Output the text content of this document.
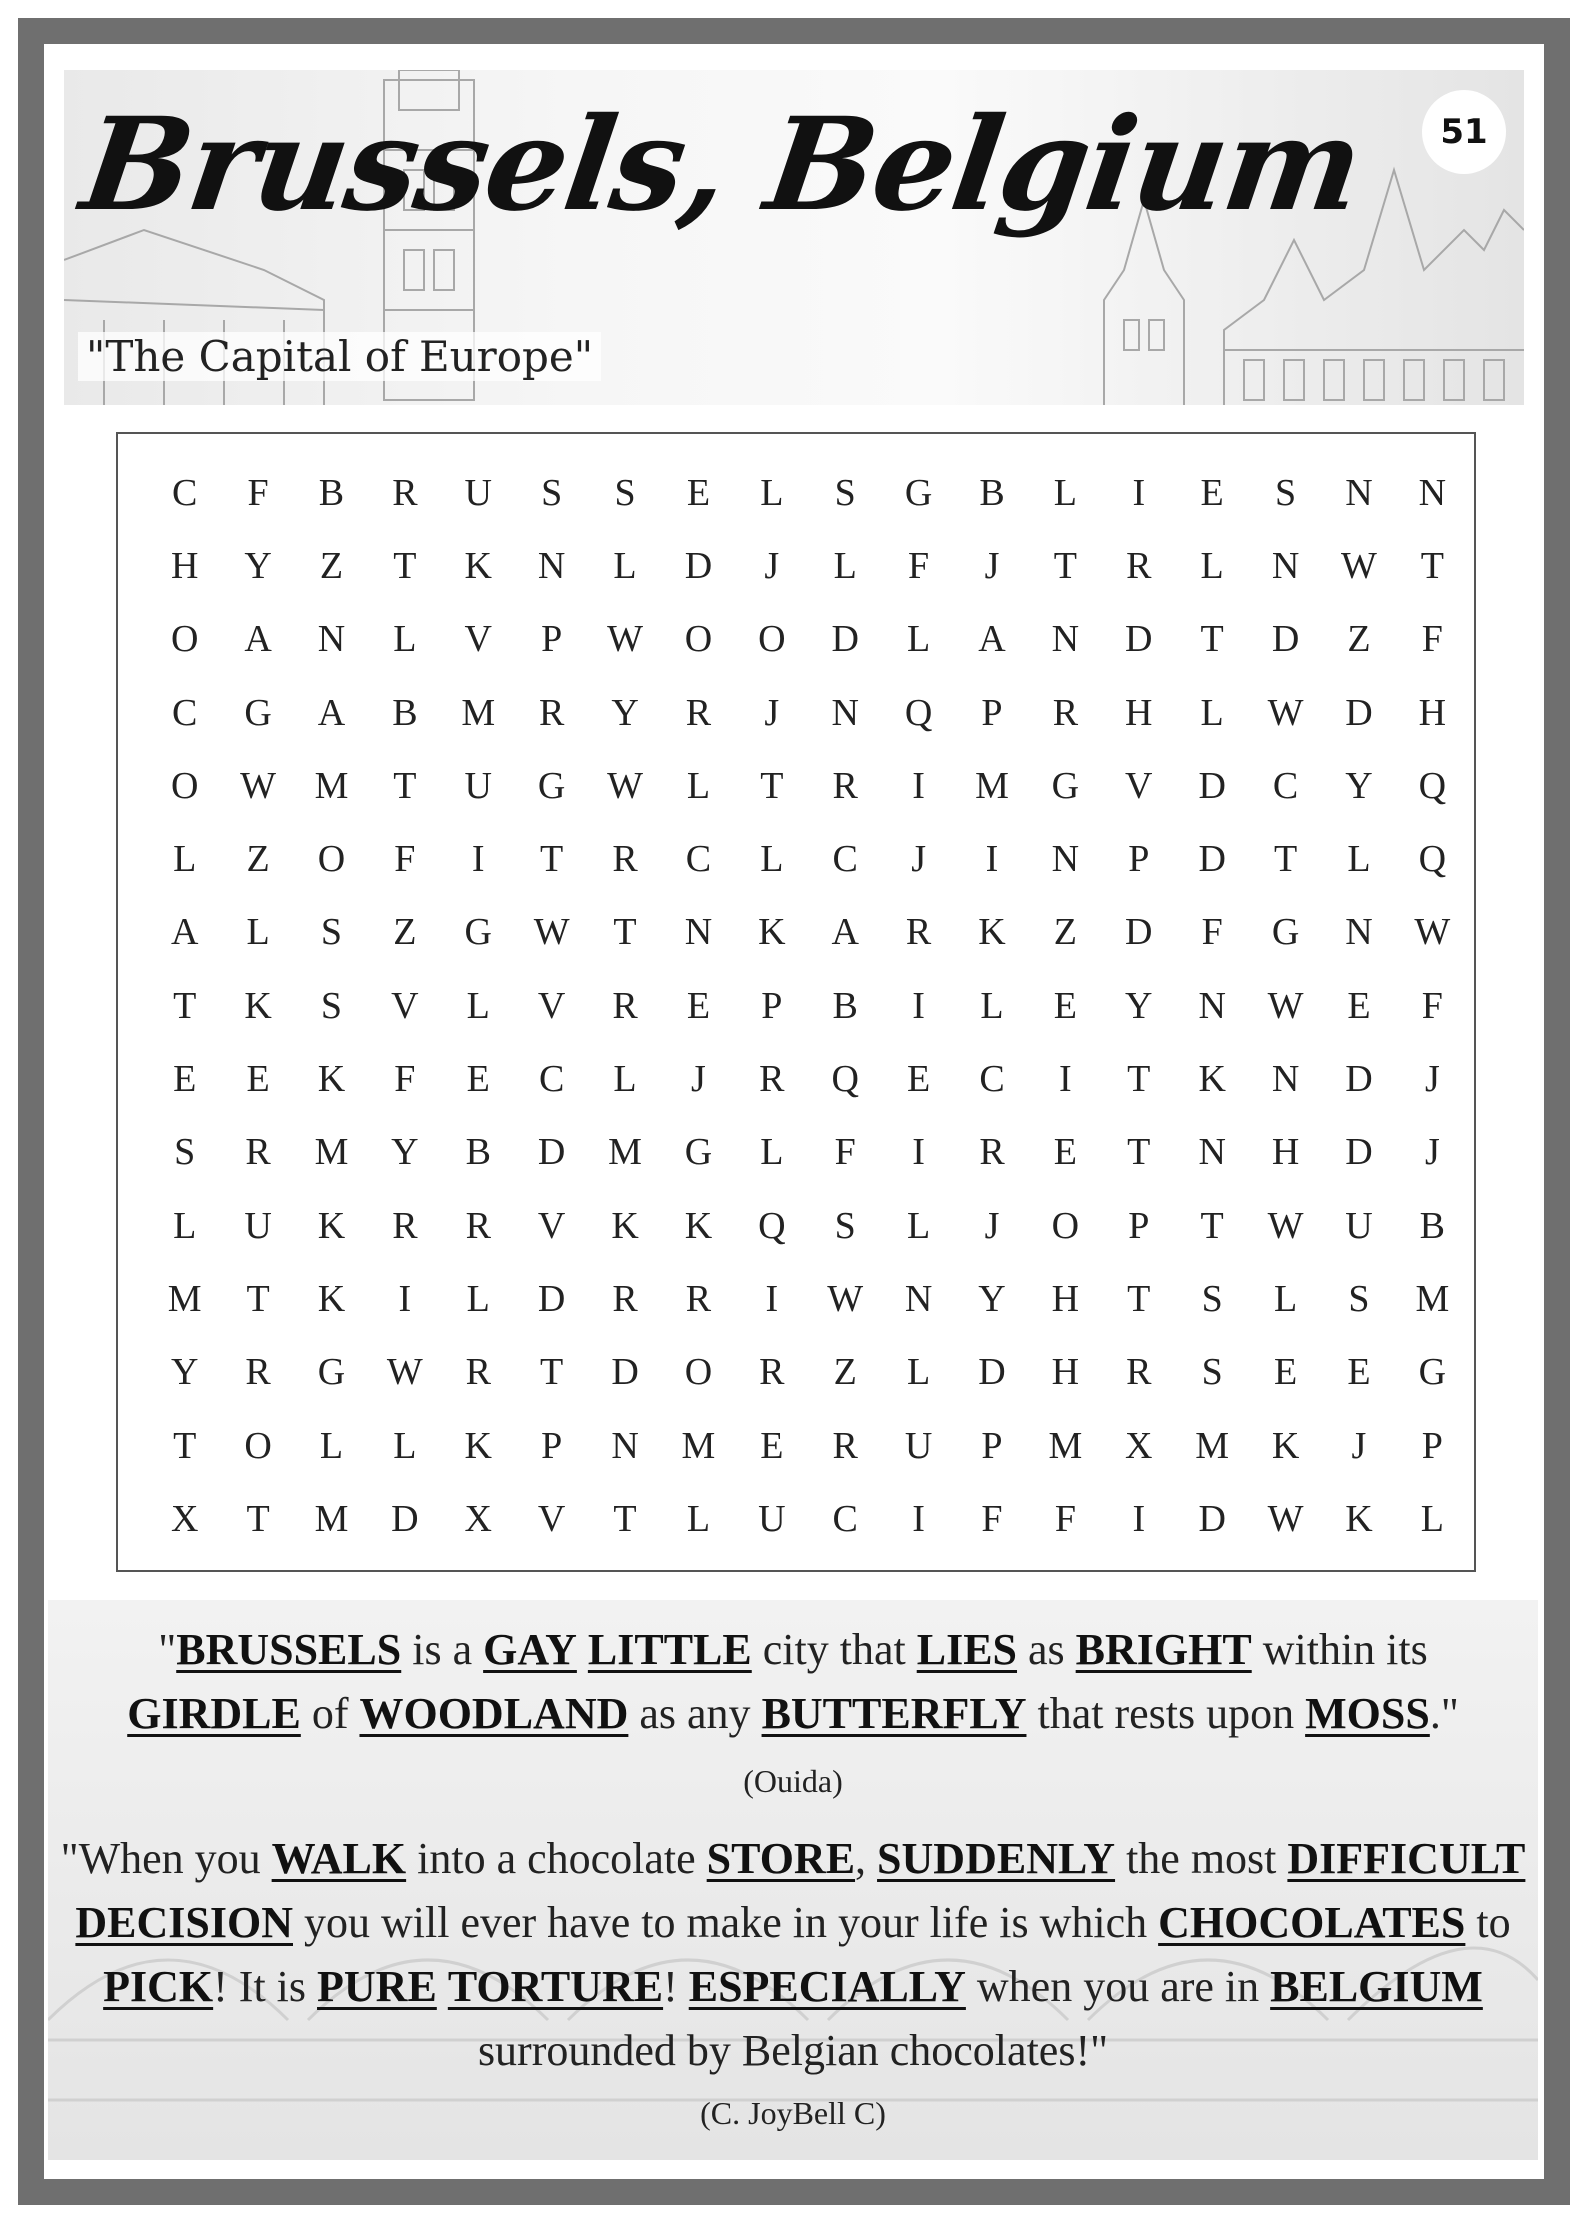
Brussels, Belgium
"The Capital of Europe"
51
C	F	B	R	U	S	S	E	L	S	G	B	L	I	E	S	N	N
H	Y	Z	T	K	N	L	D	J	L	F	J	T	R	L	N	W	T
O	A	N	L	V	P	W	O	O	D	L	A	N	D	T	D	Z	F
C	G	A	B	M	R	Y	R	J	N	Q	P	R	H	L	W	D	H
O	W	M	T	U	G	W	L	T	R	I	M	G	V	D	C	Y	Q
L	Z	O	F	I	T	R	C	L	C	J	I	N	P	D	T	L	Q
A	L	S	Z	G	W	T	N	K	A	R	K	Z	D	F	G	N	W
T	K	S	V	L	V	R	E	P	B	I	L	E	Y	N	W	E	F
E	E	K	F	E	C	L	J	R	Q	E	C	I	T	K	N	D	J
S	R	M	Y	B	D	M	G	L	F	I	R	E	T	N	H	D	J
L	U	K	R	R	V	K	K	Q	S	L	J	O	P	T	W	U	B
M	T	K	I	L	D	R	R	I	W	N	Y	H	T	S	L	S	M
Y	R	G	W	R	T	D	O	R	Z	L	D	H	R	S	E	E	G
T	O	L	L	K	P	N	M	E	R	U	P	M	X	M	K	J	P
X	T	M	D	X	V	T	L	U	C	I	F	F	I	D	W	K	L

"BRUSSELS is a GAY LITTLE city that LIES as BRIGHT within its GIRDLE of WOODLAND as any BUTTERFLY that rests upon MOSS." (Ouida)

"When you WALK into a chocolate STORE, SUDDENLY the most DIFFICULT DECISION you will ever have to make in your life is which CHOCOLATES to PICK! It is PURE TORTURE! ESPECIALLY when you are in BELGIUM surrounded by Belgian chocolates!"
(C. JoyBell C)
